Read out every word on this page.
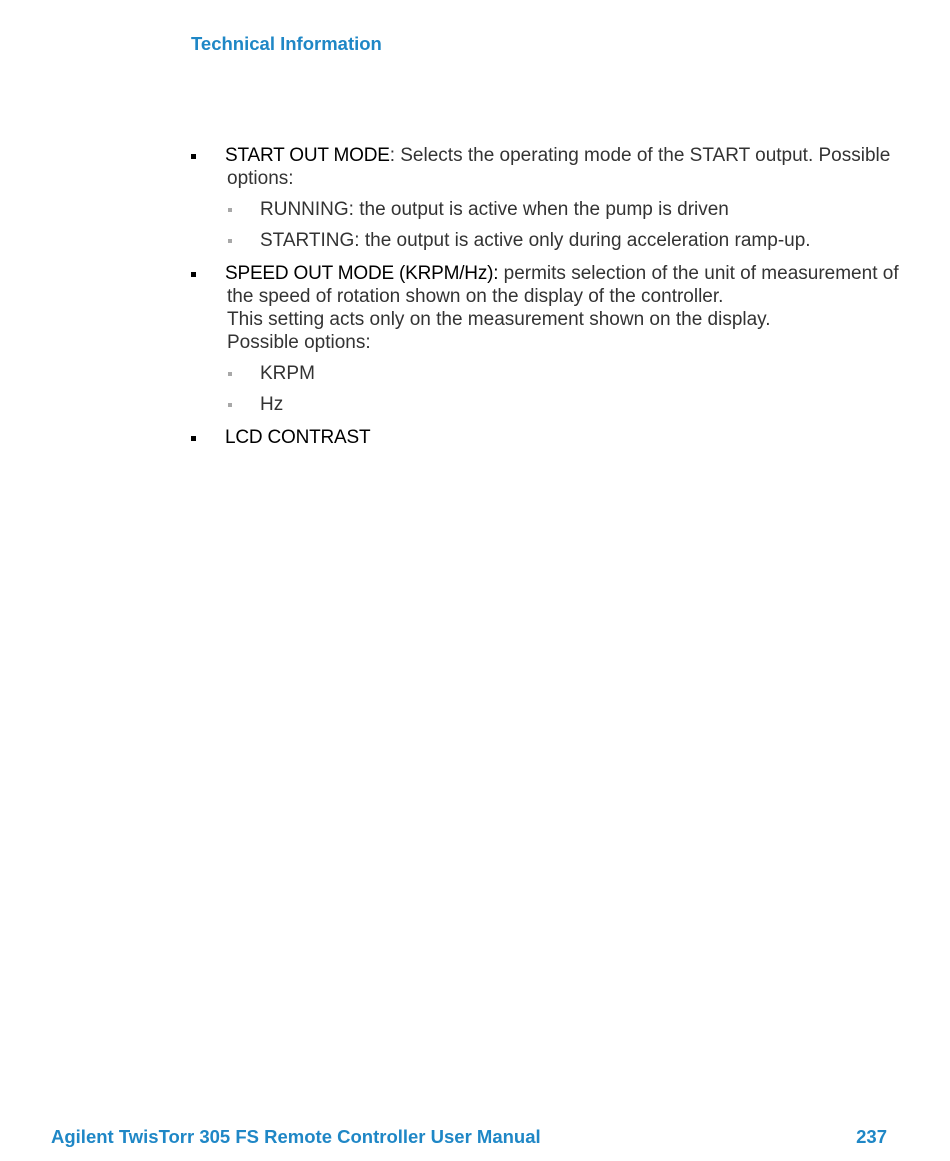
Technical Information
START OUT MODE: Selects the operating mode of the START output. Possible
options:
RUNNING: the output is active when the pump is driven
STARTING: the output is active only during acceleration ramp-up.
SPEED OUT MODE (KRPM/Hz): permits selection of the unit of measurement of
the speed of rotation shown on the display of the controller.
This setting acts only on the measurement shown on the display.
Possible options:
KRPM
Hz
LCD CONTRAST
Agilent TwisTorr 305 FS Remote Controller User Manual	237
